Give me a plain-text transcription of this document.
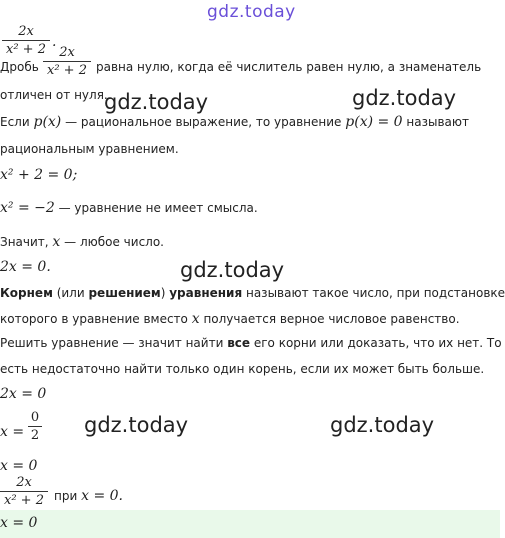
gdz.today
2x
x² + 2 .
Дробь
2x
x² + 2 равна нулю, когда её числитель равен нулю, а знаменатель
отличен от нуля.
gdz.today	gdz.today
Если p(x) — рациональное выражение, то уравнение p(x) = 0 называют
рациональным уравнением.
x² + 2 = 0;
x² = −2 — уравнение не имеет смысла.
Значит, x — любое число.
2x = 0.	gdz.today
Корнем (или решением) уравнения называют такое число, при подстановке
которого в уравнение вместо x получается верное числовое равенство.
Решить уравнение — значит найти все его корни или доказать, что их нет. То
есть недостаточно найти только один корень, если их может быть больше.
2x = 0
x =
0
2 gdz.today	gdz.today
x = 0
2x
x² + 2 при x = 0.
x = 0
